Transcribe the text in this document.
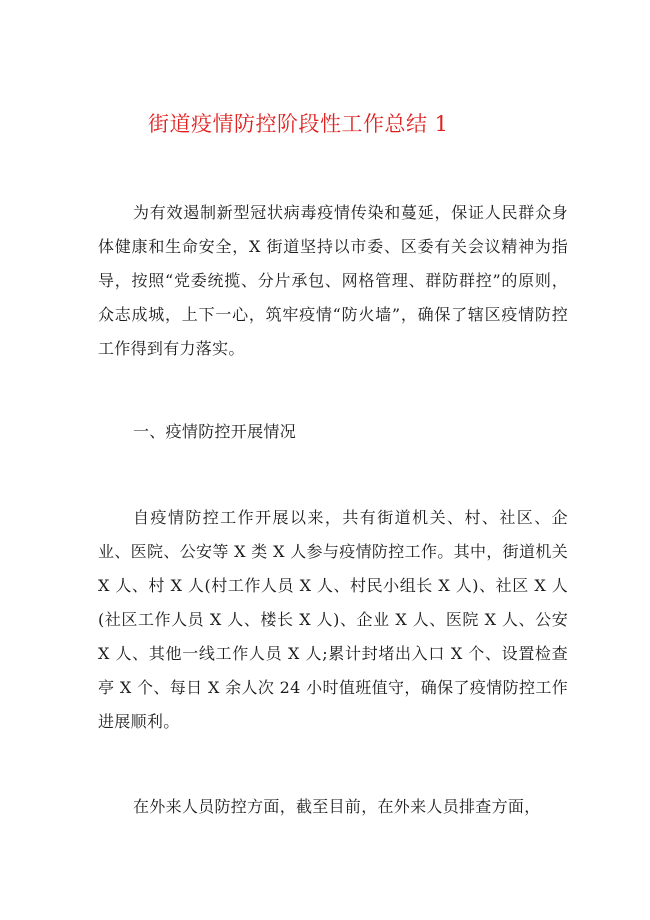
街道疫情防控阶段性工作总结 1

为有效遏制新型冠状病毒疫情传染和蔓延，保证人民群众身体健康和生命安全，X 街道坚持以市委、区委有关会议精神为指导，按照“党委统揽、分片承包、网格管理、群防群控”的原则，众志成城，上下一心，筑牢疫情“防火墙”，确保了辖区疫情防控工作得到有力落实。

一、疫情防控开展情况

自疫情防控工作开展以来，共有街道机关、村、社区、企业、医院、公安等 X 类 X 人参与疫情防控工作。其中，街道机关 X 人、村 X 人(村工作人员 X 人、村民小组长 X 人)、社区 X 人(社区工作人员 X 人、楼长 X 人)、企业 X 人、医院 X 人、公安 X 人、其他一线工作人员 X 人;累计封堵出入口 X 个、设置检查亭 X 个、每日 X 余人次 24 小时值班值守，确保了疫情防控工作进展顺利。

在外来人员防控方面，截至目前，在外来人员排查方面，
